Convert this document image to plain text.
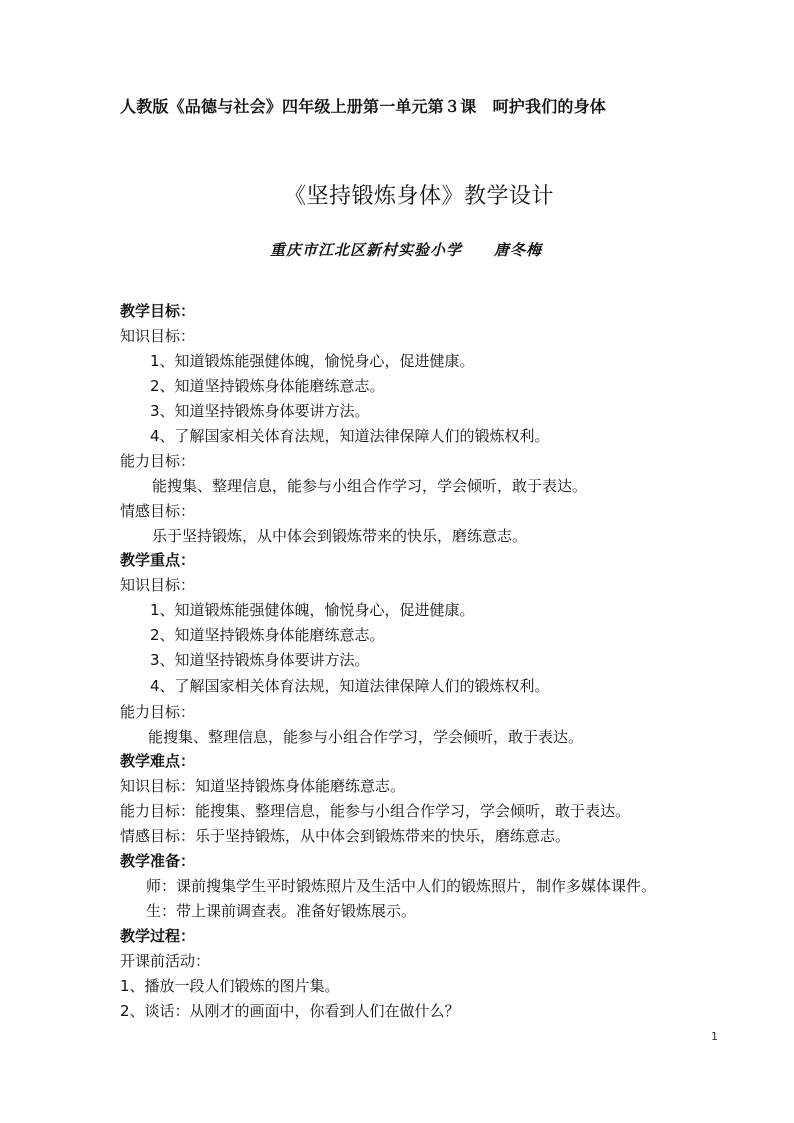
人教版《品德与社会》四年级上册第一单元第３课　呵护我们的身体
《坚持锻炼身体》教学设计
重庆市江北区新村实验小学　　唐冬梅
教学目标：
知识目标：
1、知道锻炼能强健体魄，愉悦身心，促进健康。
2、知道坚持锻炼身体能磨练意志。
3、知道坚持锻炼身体要讲方法。
4、了解国家相关体育法规，知道法律保障人们的锻炼权利。
能力目标：
能搜集、整理信息，能参与小组合作学习，学会倾听，敢于表达。
情感目标：
乐于坚持锻炼，从中体会到锻炼带来的快乐，磨练意志。
教学重点：
知识目标：
1、知道锻炼能强健体魄，愉悦身心，促进健康。
2、知道坚持锻炼身体能磨练意志。
3、知道坚持锻炼身体要讲方法。
4、了解国家相关体育法规，知道法律保障人们的锻炼权利。
能力目标：
能搜集、整理信息，能参与小组合作学习，学会倾听，敢于表达。
教学难点：
知识目标：知道坚持锻炼身体能磨练意志。
能力目标：能搜集、整理信息，能参与小组合作学习，学会倾听，敢于表达。
情感目标：乐于坚持锻炼，从中体会到锻炼带来的快乐，磨练意志。
教学准备：
师：课前搜集学生平时锻炼照片及生活中人们的锻炼照片，制作多媒体课件。
生：带上课前调查表。准备好锻炼展示。
教学过程：
开课前活动：
1、播放一段人们锻炼的图片集。
2、谈话：从刚才的画面中，你看到人们在做什么？
1
